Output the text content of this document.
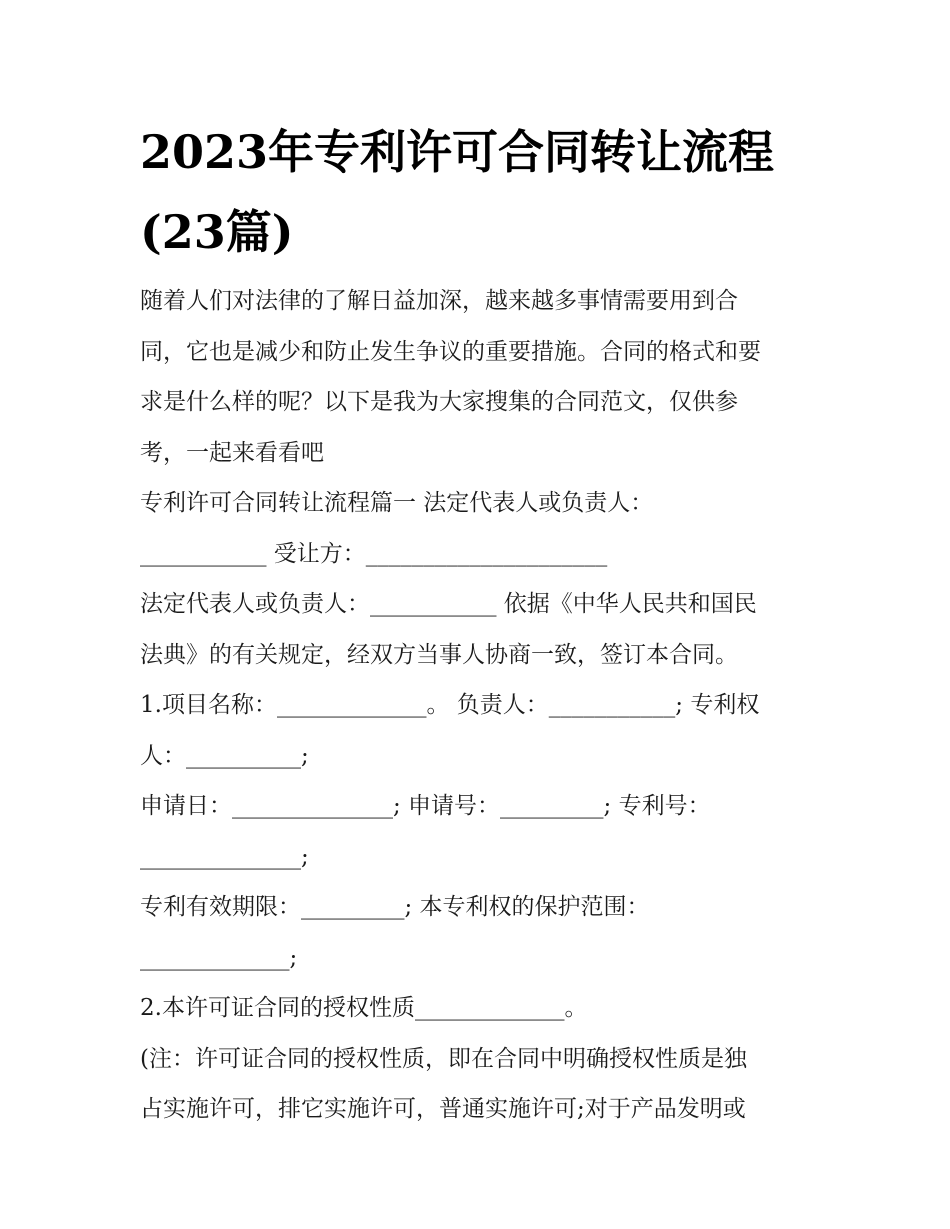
2023年专利许可合同转让流程
(23篇)
随着人们对法律的了解日益加深，越来越多事情需要用到合
同，它也是减少和防止发生争议的重要措施。合同的格式和要
求是什么样的呢？以下是我为大家搜集的合同范文，仅供参
考，一起来看看吧
专利许可合同转让流程篇一 法定代表人或负责人：
___________ 受让方：_____________________
法定代表人或负责人：___________ 依据《中华人民共和国民
法典》的有关规定，经双方当事人协商一致，签订本合同。
1.项目名称：_____________。 负责人：___________; 专利权
人：__________;
申请日：______________; 申请号：_________; 专利号：
______________;
专利有效期限：_________; 本专利权的保护范围：
_____________;
2.本许可证合同的授权性质_____________。
(注：许可证合同的授权性质，即在合同中明确授权性质是独
占实施许可，排它实施许可，普通实施许可;对于产品发明或
